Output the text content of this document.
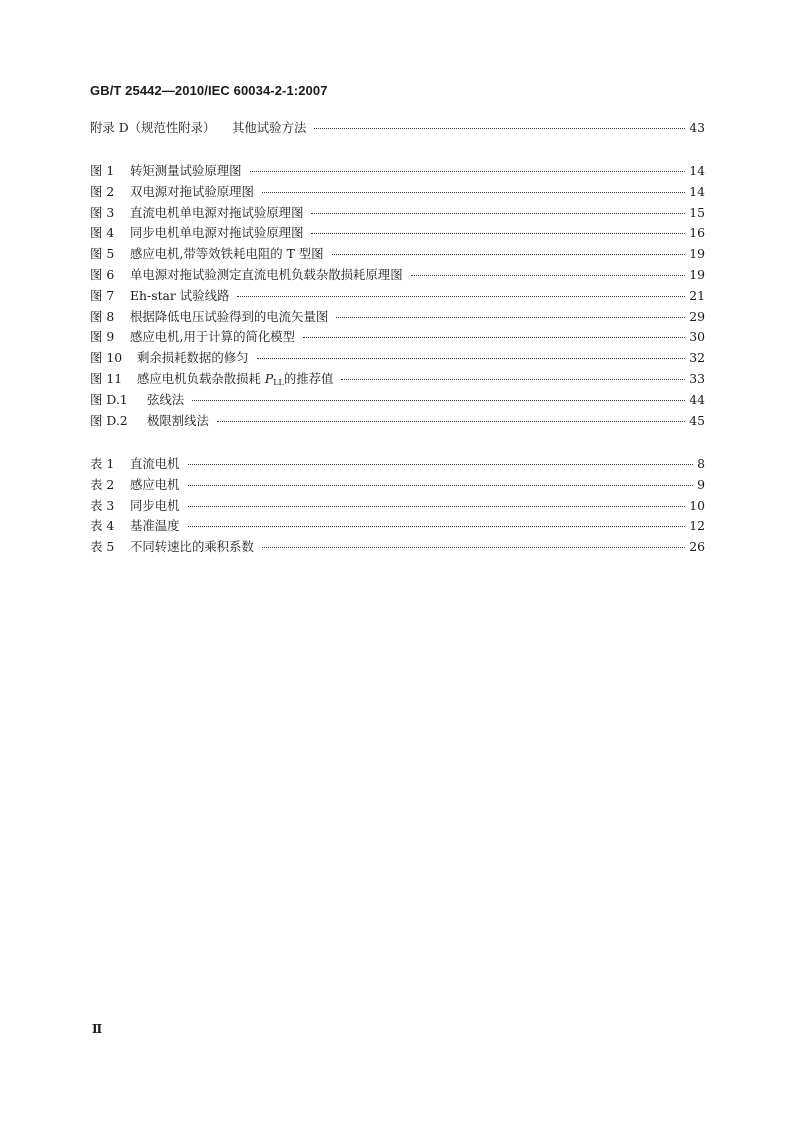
GB/T 25442—2010/IEC 60034-2-1:2007
附录 D（规范性附录）	其他试验方法	43
图 1	转矩测量试验原理图	14
图 2	双电源对拖试验原理图	14
图 3	直流电机单电源对拖试验原理图	15
图 4	同步电机单电源对拖试验原理图	16
图 5	感应电机,带等效铁耗电阻的 T 型图	19
图 6	单电源对拖试验测定直流电机负载杂散损耗原理图	19
图 7	Eh-star 试验线路	21
图 8	根据降低电压试验得到的电流矢量图	29
图 9	感应电机,用于计算的简化模型	30
图 10	剩余损耗数据的修匀	32
图 11	感应电机负载杂散损耗 $P_{LL}$的推荐值	33
图 D.1	弦线法	44
图 D.2	极限割线法	45
表 1	直流电机	8
表 2	感应电机	9
表 3	同步电机	10
表 4	基准温度	12
表 5	不同转速比的乘积系数	26
Ⅱ
